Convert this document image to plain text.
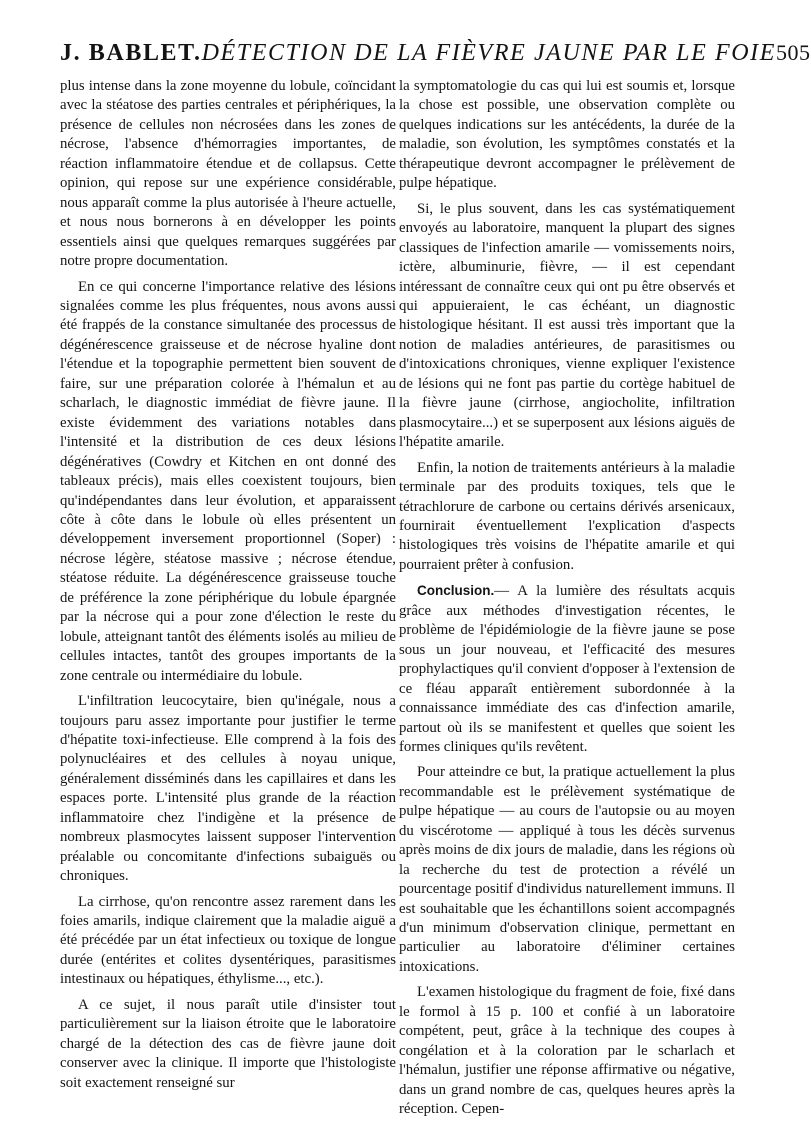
J. BABLET. DÉTECTION DE LA FIÈVRE JAUNE PAR LE FOIE 505

plus intense dans la zone moyenne du lobule, coïncidant avec la stéatose des parties centrales et périphériques, la présence de cellules non nécrosées dans les zones de nécrose, l'absence d'hémorragies importantes, de réaction inflammatoire étendue et de collapsus. Cette opinion, qui repose sur une expérience considérable, nous apparaît comme la plus autorisée à l'heure actuelle, et nous nous bornerons à en développer les points essentiels ainsi que quelques remarques suggérées par notre propre documentation.

En ce qui concerne l'importance relative des lésions signalées comme les plus fréquentes, nous avons aussi été frappés de la constance simultanée des processus de dégénérescence graisseuse et de nécrose hyaline dont l'étendue et la topographie permettent bien souvent de faire, sur une préparation colorée à l'hémalun et au scharlach, le diagnostic immédiat de fièvre jaune. Il existe évidemment des variations notables dans l'intensité et la distribution de ces deux lésions dégénératives (Cowdry et Kitchen en ont donné des tableaux précis), mais elles coexistent toujours, bien qu'indépendantes dans leur évolution, et apparaissent côte à côte dans le lobule où elles présentent un développement inversement proportionnel (Soper) : nécrose légère, stéatose massive ; nécrose étendue, stéatose réduite. La dégénérescence graisseuse touche de préférence la zone périphérique du lobule épargnée par la nécrose qui a pour zone d'élection le reste du lobule, atteignant tantôt des éléments isolés au milieu de cellules intactes, tantôt des groupes importants de la zone centrale ou intermédiaire du lobule.

L'infiltration leucocytaire, bien qu'inégale, nous a toujours paru assez importante pour justifier le terme d'hépatite toxi-infectieuse. Elle comprend à la fois des polynucléaires et des cellules à noyau unique, généralement disséminés dans les capillaires et dans les espaces porte. L'intensité plus grande de la réaction inflammatoire chez l'indigène et la présence de nombreux plasmocytes laissent supposer l'intervention préalable ou concomitante d'infections subaiguës ou chroniques.

La cirrhose, qu'on rencontre assez rarement dans les foies amarils, indique clairement que la maladie aiguë a été précédée par un état infectieux ou toxique de longue durée (entérites et colites dysentériques, parasitismes intestinaux ou hépatiques, éthylisme..., etc.).

A ce sujet, il nous paraît utile d'insister tout particulièrement sur la liaison étroite que le laboratoire chargé de la détection des cas de fièvre jaune doit conserver avec la clinique. Il importe que l'histologiste soit exactement renseigné sur

la symptomatologie du cas qui lui est soumis et, lorsque la chose est possible, une observation complète ou quelques indications sur les antécédents, la durée de la maladie, son évolution, les symptômes constatés et la thérapeutique devront accompagner le prélèvement de pulpe hépatique.

Si, le plus souvent, dans les cas systématiquement envoyés au laboratoire, manquent la plupart des signes classiques de l'infection amarile — vomissements noirs, ictère, albuminurie, fièvre, — il est cependant intéressant de connaître ceux qui ont pu être observés et qui appuieraient, le cas échéant, un diagnostic histologique hésitant. Il est aussi très important que la notion de maladies antérieures, de parasitismes ou d'intoxications chroniques, vienne expliquer l'existence de lésions qui ne font pas partie du cortège habituel de la fièvre jaune (cirrhose, angiocholite, infiltration plasmocytaire...) et se superposent aux lésions aiguës de l'hépatite amarile.

Enfin, la notion de traitements antérieurs à la maladie terminale par des produits toxiques, tels que le tétrachlorure de carbone ou certains dérivés arsenicaux, fournirait éventuellement l'explication d'aspects histologiques très voisins de l'hépatite amarile et qui pourraient prêter à confusion.

Conclusion.— A la lumière des résultats acquis grâce aux méthodes d'investigation récentes, le problème de l'épidémiologie de la fièvre jaune se pose sous un jour nouveau, et l'efficacité des mesures prophylactiques qu'il convient d'opposer à l'extension de ce fléau apparaît entièrement subordonnée à la connaissance immédiate des cas d'infection amarile, partout où ils se manifestent et quelles que soient les formes cliniques qu'ils revêtent.

Pour atteindre ce but, la pratique actuellement la plus recommandable est le prélèvement systématique de pulpe hépatique — au cours de l'autopsie ou au moyen du viscérotome — appliqué à tous les décès survenus après moins de dix jours de maladie, dans les régions où la recherche du test de protection a révélé un pourcentage positif d'individus naturellement immuns. Il est souhaitable que les échantillons soient accompagnés d'un minimum d'observation clinique, permettant en particulier au laboratoire d'éliminer certaines intoxications.

L'examen histologique du fragment de foie, fixé dans le formol à 15 p. 100 et confié à un laboratoire compétent, peut, grâce à la technique des coupes à congélation et à la coloration par le scharlach et l'hémalun, justifier une réponse affirmative ou négative, dans un grand nombre de cas, quelques heures après la réception. Cepen-
